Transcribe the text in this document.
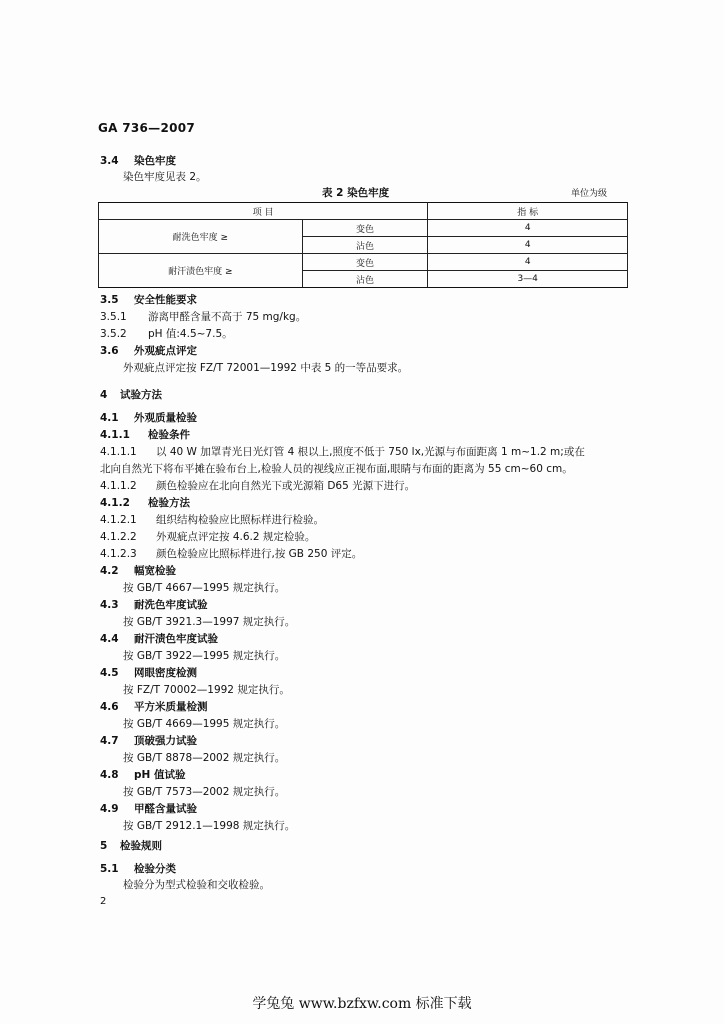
GA 736—2007
3.4 染色牢度
染色牢度见表 2。
表 2 染色牢度	单位为级
项 目		指 标
耐洗色牢度 ≥	变色	4
	沾色	4
耐汗渍色牢度 ≥	变色	4
	沾色	3—4
3.5 安全性能要求
3.5.1 游离甲醛含量不高于 75 mg/kg。
3.5.2 pH 值:4.5~7.5。
3.6 外观疵点评定
外观疵点评定按 FZ/T 72001—1992 中表 5 的一等品要求。
4 试验方法
4.1 外观质量检验
4.1.1 检验条件
4.1.1.1 以 40 W 加罩青光日光灯管 4 根以上,照度不低于 750 lx,光源与布面距离 1 m~1.2 m;或在
北向自然光下将布平摊在验布台上,检验人员的视线应正视布面,眼睛与布面的距离为 55 cm~60 cm。
4.1.1.2 颜色检验应在北向自然光下或光源箱 D65 光源下进行。
4.1.2 检验方法
4.1.2.1 组织结构检验应比照标样进行检验。
4.1.2.2 外观疵点评定按 4.6.2 规定检验。
4.1.2.3 颜色检验应比照标样进行,按 GB 250 评定。
4.2 幅宽检验
按 GB/T 4667—1995 规定执行。
4.3 耐洗色牢度试验
按 GB/T 3921.3—1997 规定执行。
4.4 耐汗渍色牢度试验
按 GB/T 3922—1995 规定执行。
4.5 网眼密度检测
按 FZ/T 70002—1992 规定执行。
4.6 平方米质量检测
按 GB/T 4669—1995 规定执行。
4.7 顶破强力试验
按 GB/T 8878—2002 规定执行。
4.8 pH 值试验
按 GB/T 7573—2002 规定执行。
4.9 甲醛含量试验
按 GB/T 2912.1—1998 规定执行。
5 检验规则
5.1 检验分类
检验分为型式检验和交收检验。
2
学兔兔 www.bzfxw.com 标准下载
